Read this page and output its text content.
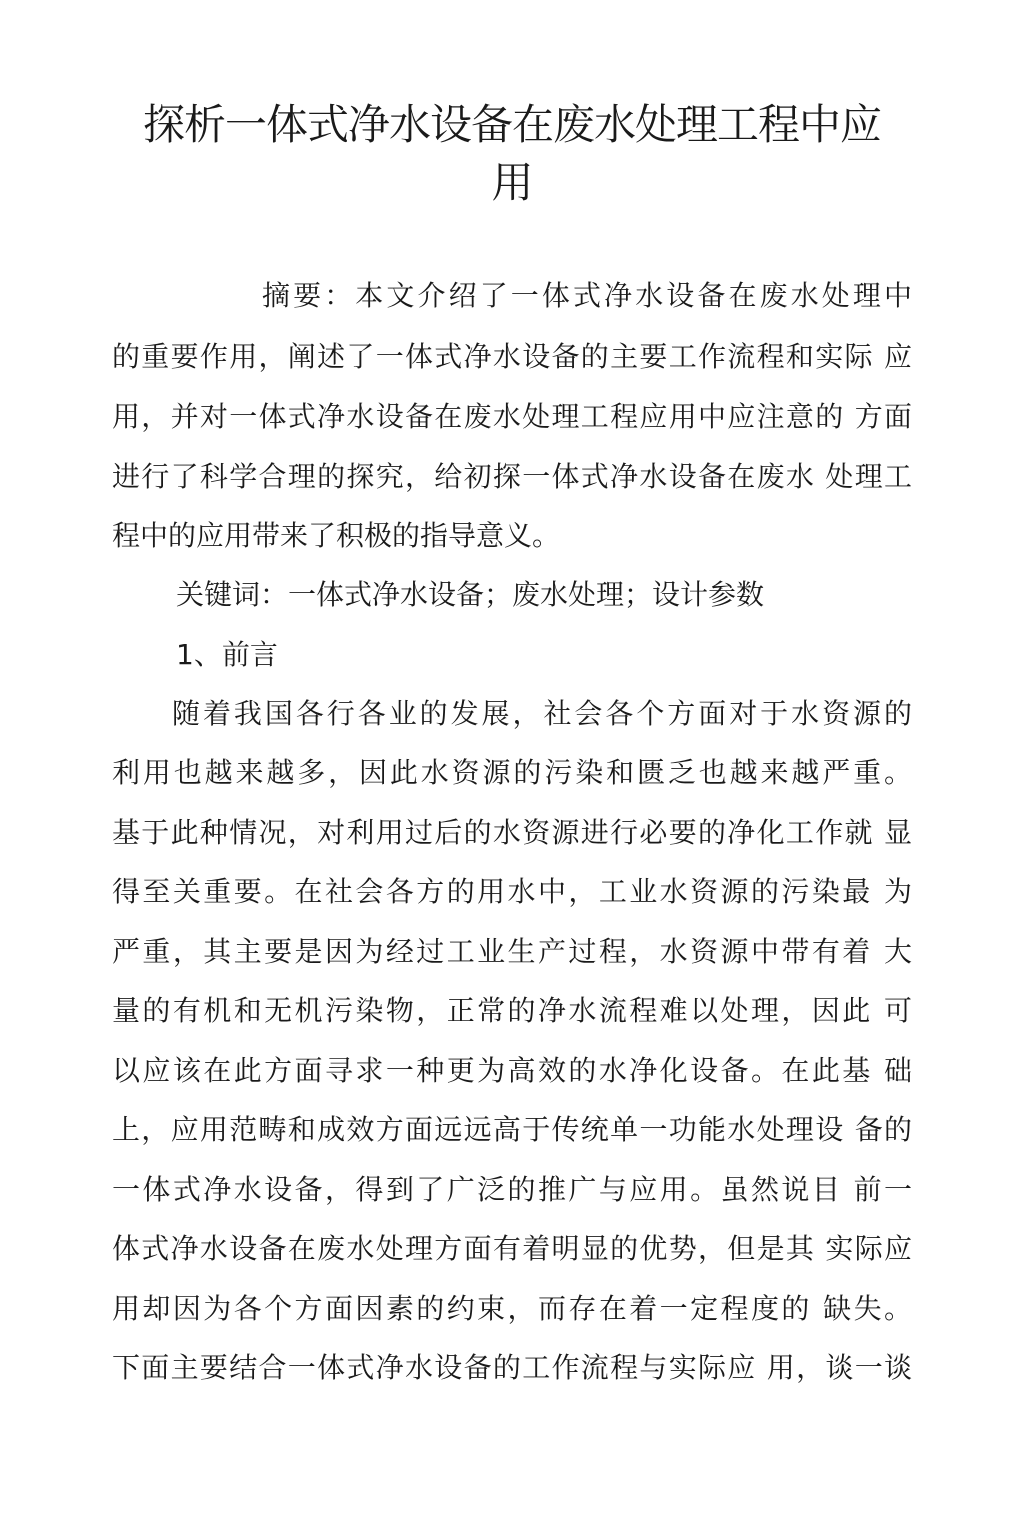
探析一体式净水设备在废水处理工程中应
用

摘要：本文介绍了一体式净水设备在废水处理中

的重要作用，阐述了一体式净水设备的主要工作流程和实际 应

用，并对一体式净水设备在废水处理工程应用中应注意的 方面

进行了科学合理的探究，给初探一体式净水设备在废水 处理工

程中的应用带来了积极的指导意义。

关键词：一体式净水设备；废水处理；设计参数

1、前言

随着我国各行各业的发展，社会各个方面对于水资源的

利用也越来越多，因此水资源的污染和匮乏也越来越严重。

基于此种情况，对利用过后的水资源进行必要的净化工作就 显

得至关重要。在社会各方的用水中，工业水资源的污染最 为

严重，其主要是因为经过工业生产过程，水资源中带有着 大

量的有机和无机污染物，正常的净水流程难以处理，因此 可

以应该在此方面寻求一种更为高效的水净化设备。在此基 础

上，应用范畴和成效方面远远高于传统单一功能水处理设 备的

一体式净水设备，得到了广泛的推广与应用。虽然说目 前一

体式净水设备在废水处理方面有着明显的优势，但是其 实际应

用却因为各个方面因素的约束，而存在着一定程度的 缺失。

下面主要结合一体式净水设备的工作流程与实际应 用，谈一谈
